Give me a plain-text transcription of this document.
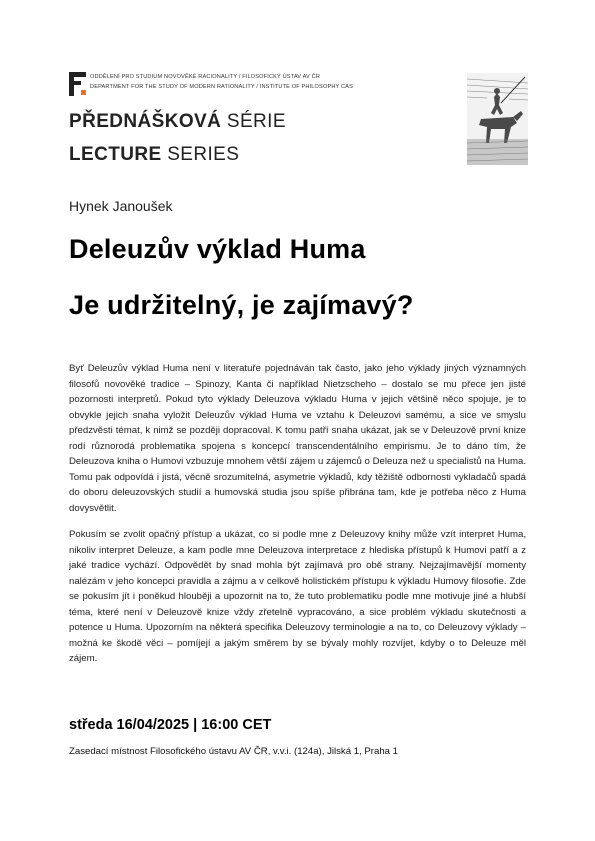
ODDĚLENÍ PRO STUDIUM NOVOVĚKÉ RACIONALITY / FILOSOFICKÝ ÚSTAV AV ČR
DEPARTMENT FOR THE STUDY OF MODERN RATIONALITY / INSTITUTE OF PHILOSOPHY CAS
PŘEDNÁŠKOVÁ SÉRIE
LECTURE SERIES
Hynek Janoušek
Deleuzův výklad Huma
Je udržitelný, je zajímavý?

Byť Deleuzův výklad Huma není v literatuře pojednáván tak často, jako jeho výklady jiných významných filosofů novověké tradice – Spinozy, Kanta či například Nietzscheho – dostalo se mu přece jen jisté pozornosti interpretů. Pokud tyto výklady Deleuzova výkladu Huma v jejich většině něco spojuje, je to obvykle jejich snaha vyložit Deleuzův výklad Huma ve vztahu k Deleuzovi samému, a sice ve smyslu předzvěsti témat, k nimž se později dopracoval. K tomu patří snaha ukázat, jak se v Deleuzově první knize rodí různorodá problematika spojena s koncepcí transcendentálního empirismu. Je to dáno tím, že Deleuzova kniha o Humovi vzbuzuje mnohem větší zájem u zájemců o Deleuza než u specialistů na Huma. Tomu pak odpovídá i jistá, věcně srozumitelná, asymetrie výkladů, kdy těžiště odbornosti vykladačů spadá do oboru deleuzovských studií a humovská studia jsou spíše přibrána tam, kde je potřeba něco z Huma dovysvětlit.

Pokusím se zvolit opačný přístup a ukázat, co si podle mne z Deleuzovy knihy může vzít interpret Huma, nikoliv interpret Deleuze, a kam podle mne Deleuzova interpretace z hlediska přístupů k Humovi patří a z jaké tradice vychází. Odpovědět by snad mohla být zajímavá pro obě strany. Nejzajímavější momenty nalézám v jeho koncepci pravidla a zájmu a v celkově holistickém přístupu k výkladu Humovy filosofie. Zde se pokusím jít i poněkud hlouběji a upozornit na to, že tuto problematiku podle mne motivuje jiné a hlubší téma, které není v Deleuzově knize vždy zřetelně vypracováno, a sice problém výkladu skutečnosti a potence u Huma. Upozorním na některá specifika Deleuzovy terminologie a na to, co Deleuzovy výklady – možná ke škodě věci – pomíjejí a jakým směrem by se bývaly mohly rozvíjet, kdyby o to Deleuze měl zájem.

středa 16/04/2025 | 16:00 CET
Zasedací místnost Filosofického ústavu AV ČR, v.v.i. (124a), Jilská 1, Praha 1
